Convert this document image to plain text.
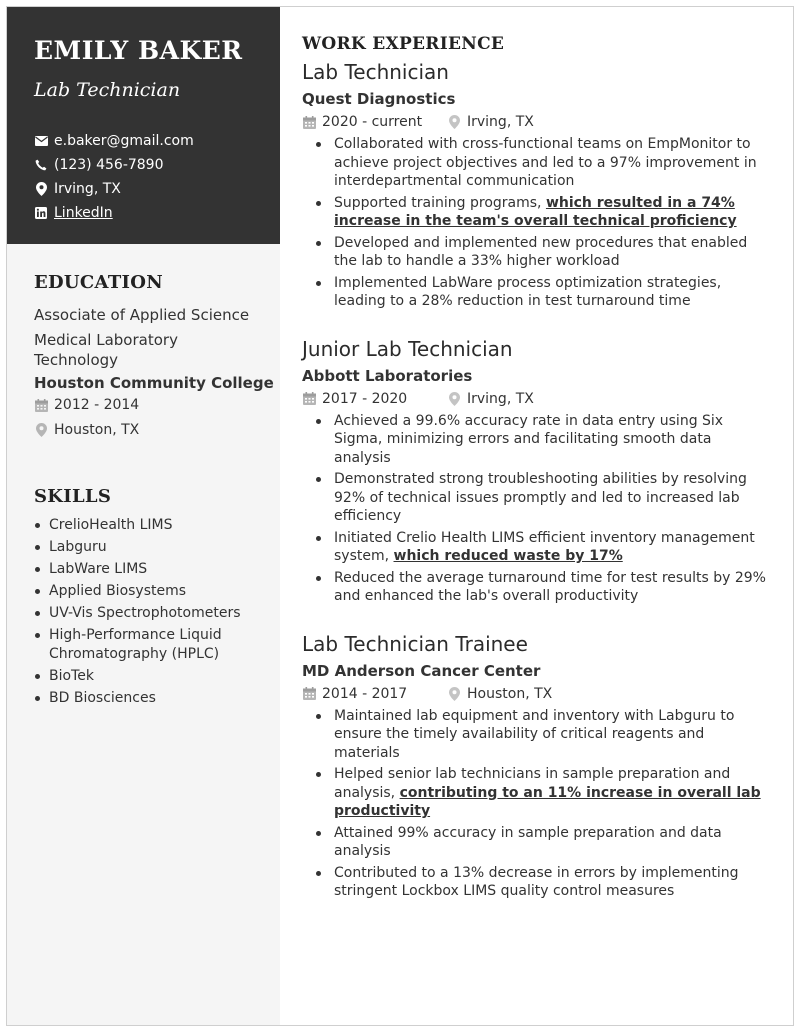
EMILY BAKER
Lab Technician
e.baker@gmail.com
(123) 456-7890
Irving, TX
LinkedIn
EDUCATION
Associate of Applied Science
Medical Laboratory
Technology
Houston Community College
2012 - 2014
Houston, TX
SKILLS
CrelioHealth LIMS
Labguru
LabWare LIMS
Applied Biosystems
UV-Vis Spectrophotometers
High-Performance Liquid Chromatography (HPLC)
BioTek
BD Biosciences
WORK EXPERIENCE
Lab Technician
Quest Diagnostics
2020 - current	Irving, TX
Collaborated with cross-functional teams on EmpMonitor to achieve project objectives and led to a 97% improvement in interdepartmental communication
Supported training programs, which resulted in a 74% increase in the team's overall technical proficiency
Developed and implemented new procedures that enabled the lab to handle a 33% higher workload
Implemented LabWare process optimization strategies, leading to a 28% reduction in test turnaround time
Junior Lab Technician
Abbott Laboratories
2017 - 2020	Irving, TX
Achieved a 99.6% accuracy rate in data entry using Six Sigma, minimizing errors and facilitating smooth data analysis
Demonstrated strong troubleshooting abilities by resolving 92% of technical issues promptly and led to increased lab efficiency
Initiated Crelio Health LIMS efficient inventory management system, which reduced waste by 17%
Reduced the average turnaround time for test results by 29% and enhanced the lab's overall productivity
Lab Technician Trainee
MD Anderson Cancer Center
2014 - 2017	Houston, TX
Maintained lab equipment and inventory with Labguru to ensure the timely availability of critical reagents and materials
Helped senior lab technicians in sample preparation and analysis, contributing to an 11% increase in overall lab productivity
Attained 99% accuracy in sample preparation and data analysis
Contributed to a 13% decrease in errors by implementing stringent Lockbox LIMS quality control measures
